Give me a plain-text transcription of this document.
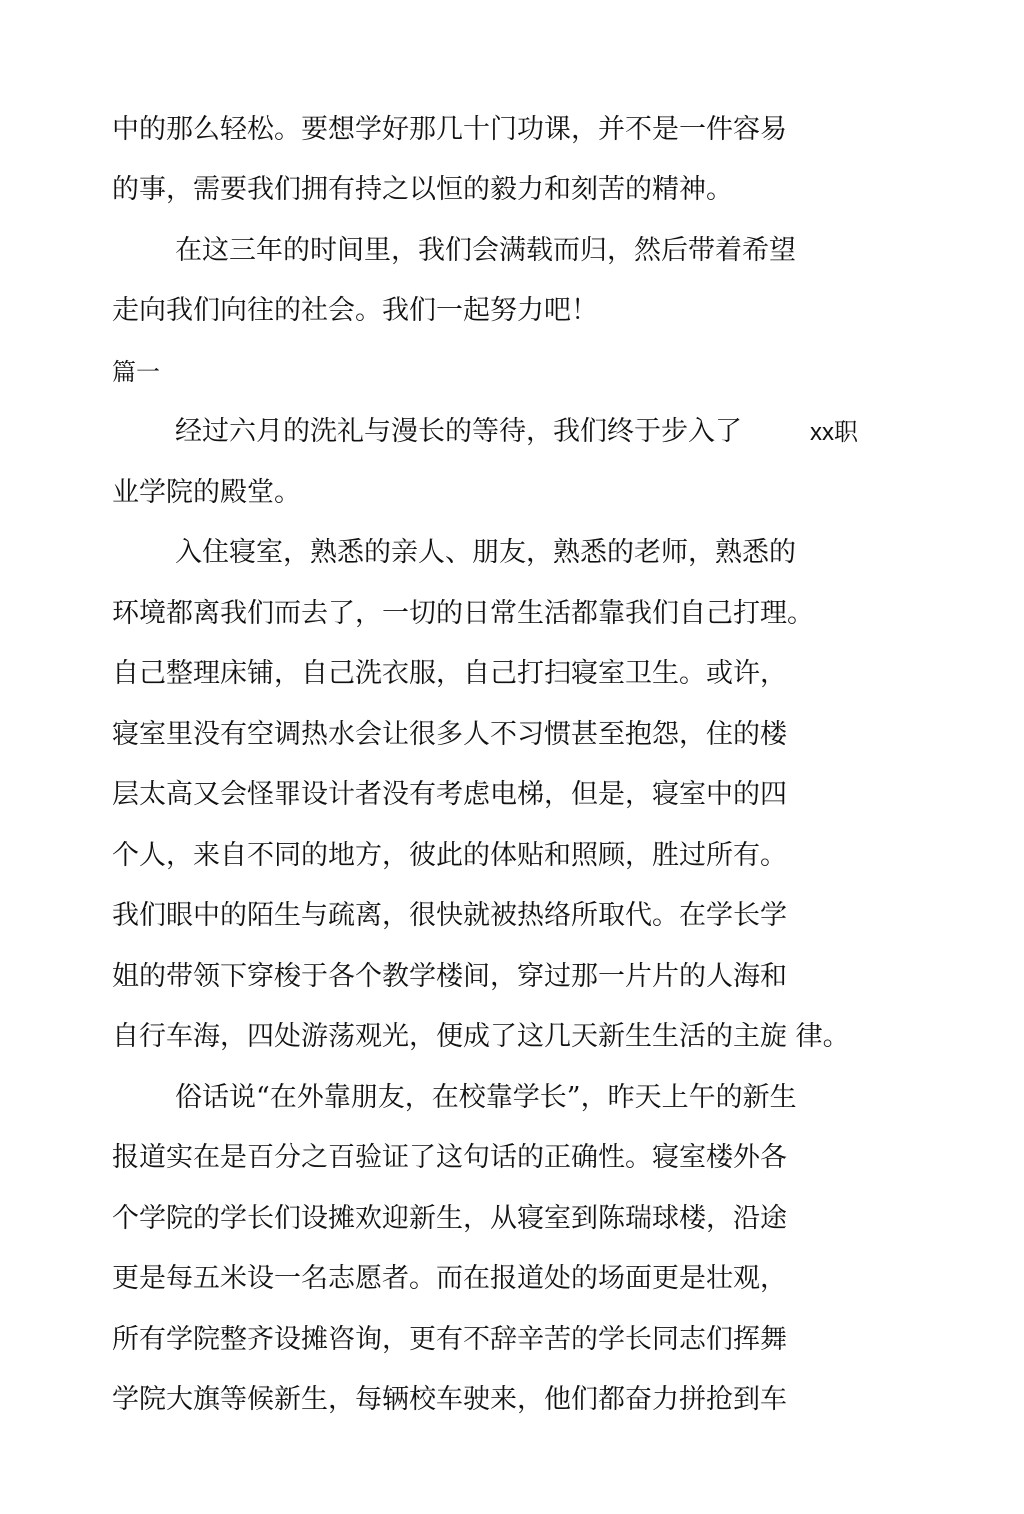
中的那么轻松。要想学好那几十门功课，并不是一件容易

的事，需要我们拥有持之以恒的毅力和刻苦的精神。

在这三年的时间里，我们会满载而归，然后带着希望

走向我们向往的社会。我们一起努力吧！

篇一

经过六月的洗礼与漫长的等待，我们终于步入了	xx职

业学院的殿堂。

入住寝室，熟悉的亲人、朋友，熟悉的老师，熟悉的

环境都离我们而去了，一切的日常生活都靠我们自己打理。

自己整理床铺，自己洗衣服，自己打扫寝室卫生。或许，

寝室里没有空调热水会让很多人不习惯甚至抱怨，住的楼

层太高又会怪罪设计者没有考虑电梯，但是，寝室中的四

个人，来自不同的地方，彼此的体贴和照顾，胜过所有。

我们眼中的陌生与疏离，很快就被热络所取代。在学长学

姐的带领下穿梭于各个教学楼间，穿过那一片片的人海和

自行车海，四处游荡观光，便成了这几天新生生活的主旋 律。

俗话说“在外靠朋友，在校靠学长”，昨天上午的新生

报道实在是百分之百验证了这句话的正确性。寝室楼外各

个学院的学长们设摊欢迎新生，从寝室到陈瑞球楼，沿途

更是每五米设一名志愿者。而在报道处的场面更是壮观，

所有学院整齐设摊咨询，更有不辞辛苦的学长同志们挥舞

学院大旗等候新生，每辆校车驶来，他们都奋力拼抢到车
